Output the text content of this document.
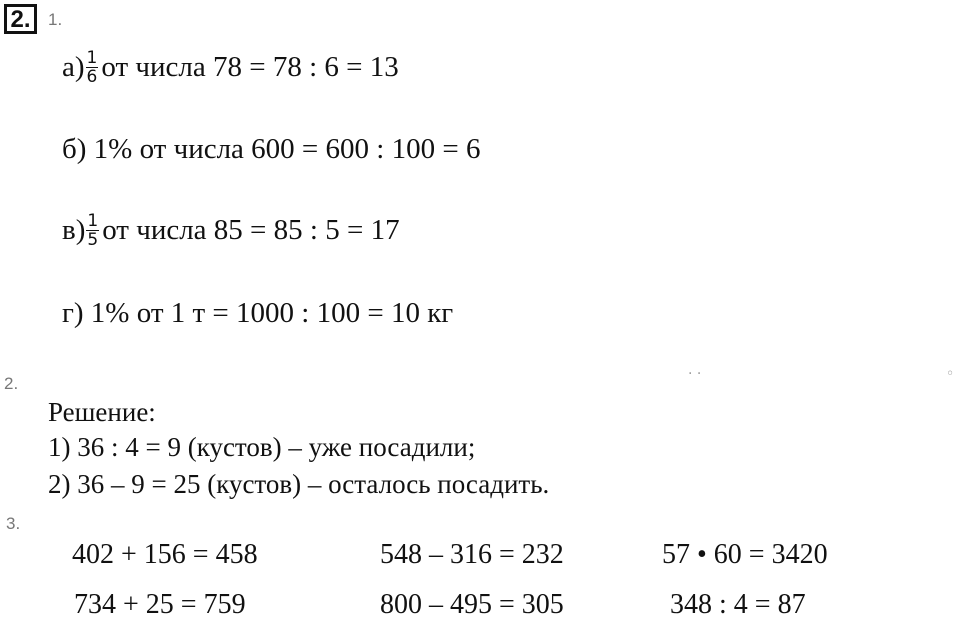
2.	1.
$а) \frac{1}{6}$ от числа 78 = 78 : 6 = 13
б) 1% от числа 600 = 600 : 100 = 6
$в) \frac{1}{5}$ от числа 85 = 85 : 5 = 17
г) 1% от 1 т = 1000 : 100 = 10 кг
2.	· ·	◦
Решение:
1) 36 : 4 = 9 (кустов) – уже посадили;
2) 36 – 9 = 25 (кустов) – осталось посадить.
3.
402 + 156 = 458	548 – 316 = 232	57 • 60 = 3420
734 + 25 = 759	800 – 495 = 305	348 : 4 = 87
